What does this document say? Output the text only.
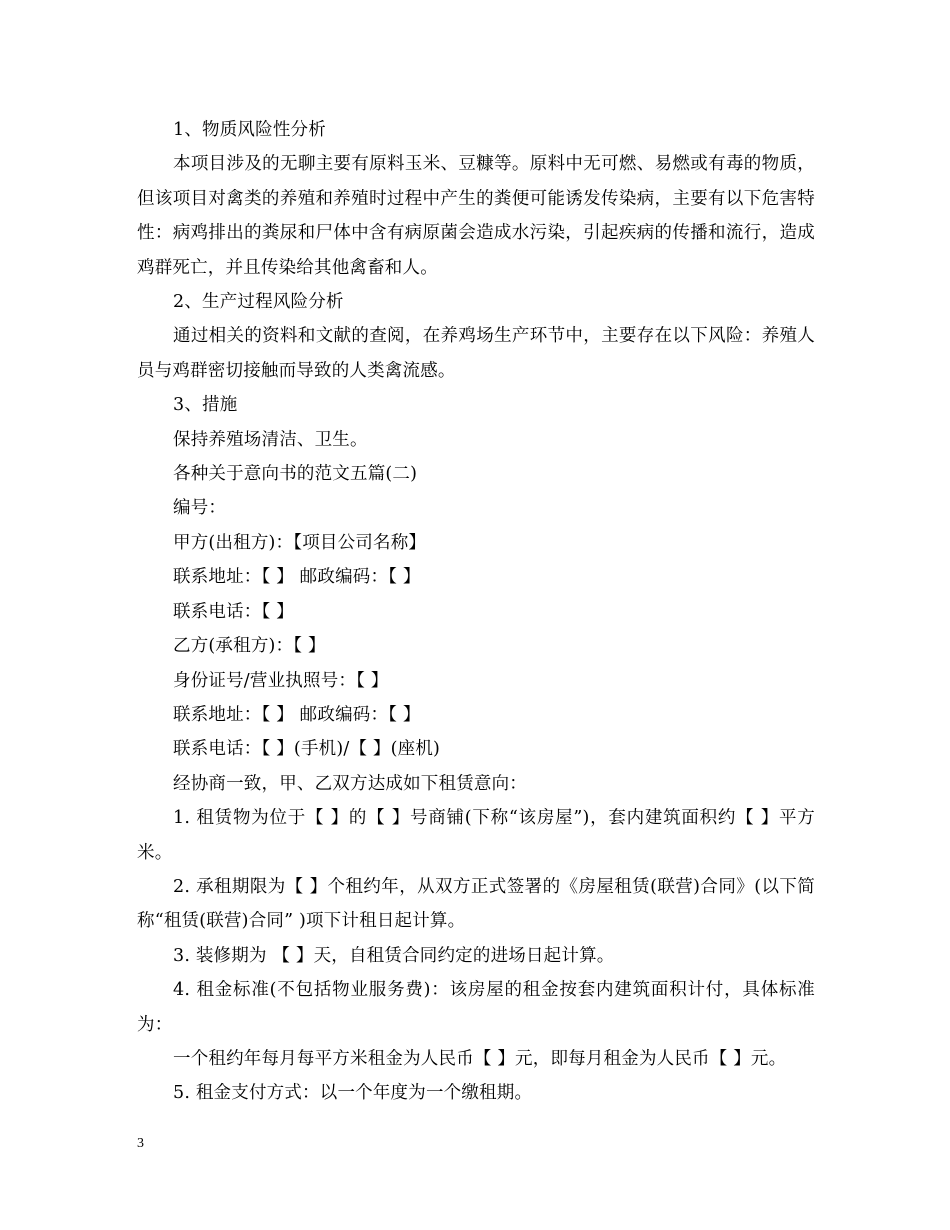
1、物质风险性分析

本项目涉及的无聊主要有原料玉米、豆糠等。原料中无可燃、易燃或有毒的物质，但该项目对禽类的养殖和养殖时过程中产生的粪便可能诱发传染病，主要有以下危害特性：病鸡排出的粪尿和尸体中含有病原菌会造成水污染，引起疾病的传播和流行，造成鸡群死亡，并且传染给其他禽畜和人。

2、生产过程风险分析

通过相关的资料和文献的查阅，在养鸡场生产环节中，主要存在以下风险：养殖人员与鸡群密切接触而导致的人类禽流感。

3、措施

保持养殖场清洁、卫生。

各种关于意向书的范文五篇(二)

编号：

甲方(出租方)：【项目公司名称】

联系地址：【 】 邮政编码：【 】

联系电话：【 】

乙方(承租方)：【 】

身份证号/营业执照号：【 】

联系地址：【 】 邮政编码：【 】

联系电话：【 】(手机)/【 】(座机)

经协商一致，甲、乙双方达成如下租赁意向：

1. 租赁物为位于【 】的【 】号商铺(下称“该房屋”)，套内建筑面积约【 】平方米。

2. 承租期限为【 】个租约年，从双方正式签署的《房屋租赁(联营)合同》(以下简称“租赁(联营)合同” )项下计租日起计算。

3. 装修期为 【 】天，自租赁合同约定的进场日起计算。

4. 租金标准(不包括物业服务费)：该房屋的租金按套内建筑面积计付，具体标准为：

一个租约年每月每平方米租金为人民币【 】元，即每月租金为人民币【 】元。

5. 租金支付方式：以一个年度为一个缴租期。

3
